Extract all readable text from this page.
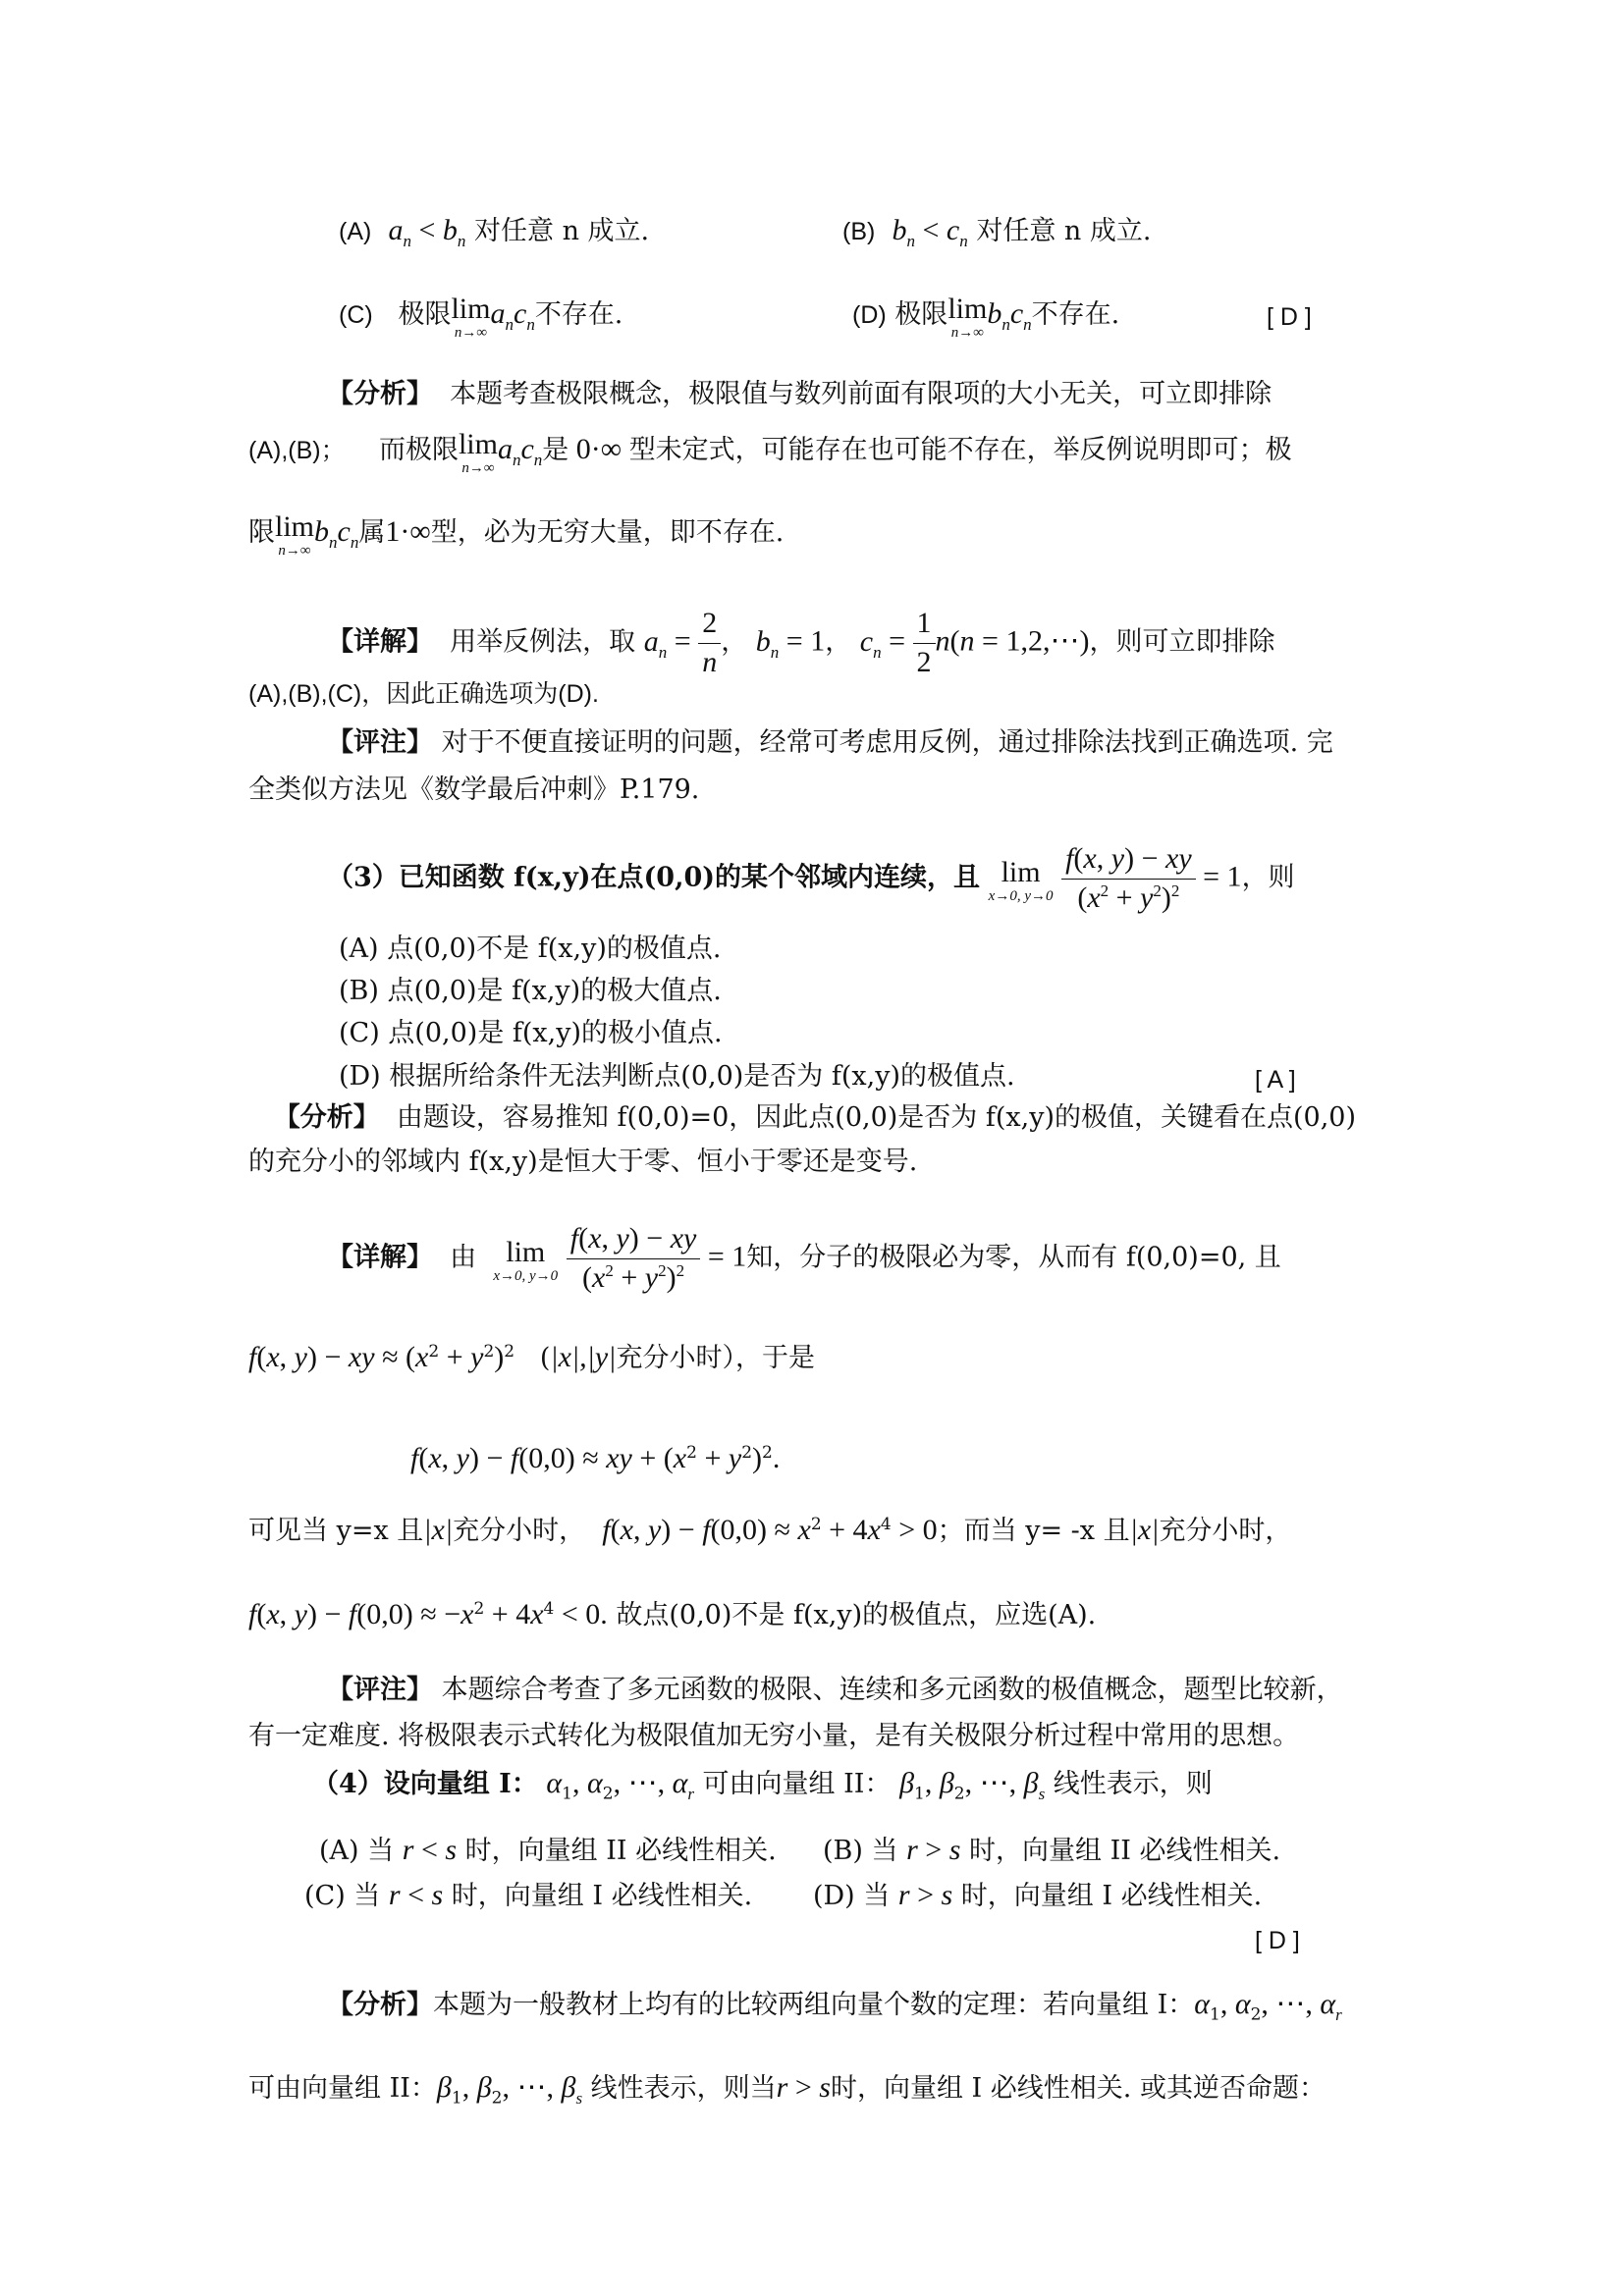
(A) $a_n < b_n$ 对任意 n 成立.	(B) $b_n < c_n$ 对任意 n 成立.
(C) 极限 lim
n→∞
$a_nc_n$不存在.	(D) 极限 lim
n→∞
$b_nc_n$不存在.	[ D ]
【分析】 本题考查极限概念，极限值与数列前面有限项的大小无关，可立即排除
(A),(B)； 而极限 lim
n→∞
$a_nc_n$是 0·∞ 型未定式，可能存在也可能不存在，举反例说明即可；极
限 lim
n→∞
$b_nc_n$属1·∞型，必为无穷大量，即不存在.
【详解】 用举反例法，取 $a_n = \frac{2}{n}$ ， $b_n = 1$， $c_n = \frac{1}{2} n(n$ = 1,2,⋯)，则可立即排除
(A),(B),(C)，因此正确选项为(D).
【评注】 对于不便直接证明的问题，经常可考虑用反例，通过排除法找到正确选项. 完
全类似方法见《数学最后冲刺》P.179.
（3）已知函数 f(x,y)在点(0,0)的某个邻域内连续，且 lim
x→0, y→0
$\frac{f(x, y) - xy}{(x^2 + y^2)^2} = 1$，则
(A) 点(0,0)不是 f(x,y)的极值点.
(B) 点(0,0)是 f(x,y)的极大值点.
(C) 点(0,0)是 f(x,y)的极小值点.
(D) 根据所给条件无法判断点(0,0)是否为 f(x,y)的极值点.	[ A ]
【分析】 由题设，容易推知 f(0,0)=0，因此点(0,0)是否为 f(x,y)的极值，关键看在点(0,0)
的充分小的邻域内 f(x,y)是恒大于零、恒小于零还是变号.
【详解】 由	lim
x→0, y→0
$\frac{f(x, y) - xy}{(x^2 + y^2)^2} = 1$知，分子的极限必为零，从而有 f(0,0)=0, 且
f(x, y) − xy ≈ $(x^2 + y^2)^2$   (|x|,|y|充分小时），于是
f(x, y) − f(0,0) ≈ xy + $(x^2 + y^2)^2$.
可见当 y=x 且|x|充分小时， f(x, $y) - f(0,0) \approx x^2 + 4x^4 > 0$；而当 y= -x 且|x|充分小时，
f(x, $y) - f(0,0) \approx -x^2 + 4x^4 < 0$. 故点(0,0)不是 f(x,y)的极值点，应选(A).
【评注】 本题综合考查了多元函数的极限、连续和多元函数的极值概念，题型比较新，
有一定难度. 将极限表示式转化为极限值加无穷小量，是有关极限分析过程中常用的思想。
（4）设向量组 I： $\alpha_1$, $\alpha_2$, ⋯, $\alpha_r$ 可由向量组 II： $\beta_1$, $\beta_2$, ⋯, $\beta_s$ 线性表示，则
(A) 当 r < s 时，向量组 II 必线性相关. (B) 当 r > s 时，向量组 II 必线性相关.
(C) 当 r < s 时，向量组 I 必线性相关. (D) 当 r > s 时，向量组 I 必线性相关.
[ D ]
【分析】本题为一般教材上均有的比较两组向量个数的定理：若向量组 I：$\alpha_1$, $\alpha_2$, ⋯, $\alpha_r$
可由向量组 II：$\beta_1$, $\beta_2$, ⋯, $\beta_s$ 线性表示，则当r > s时，向量组 I 必线性相关. 或其逆否命题：
